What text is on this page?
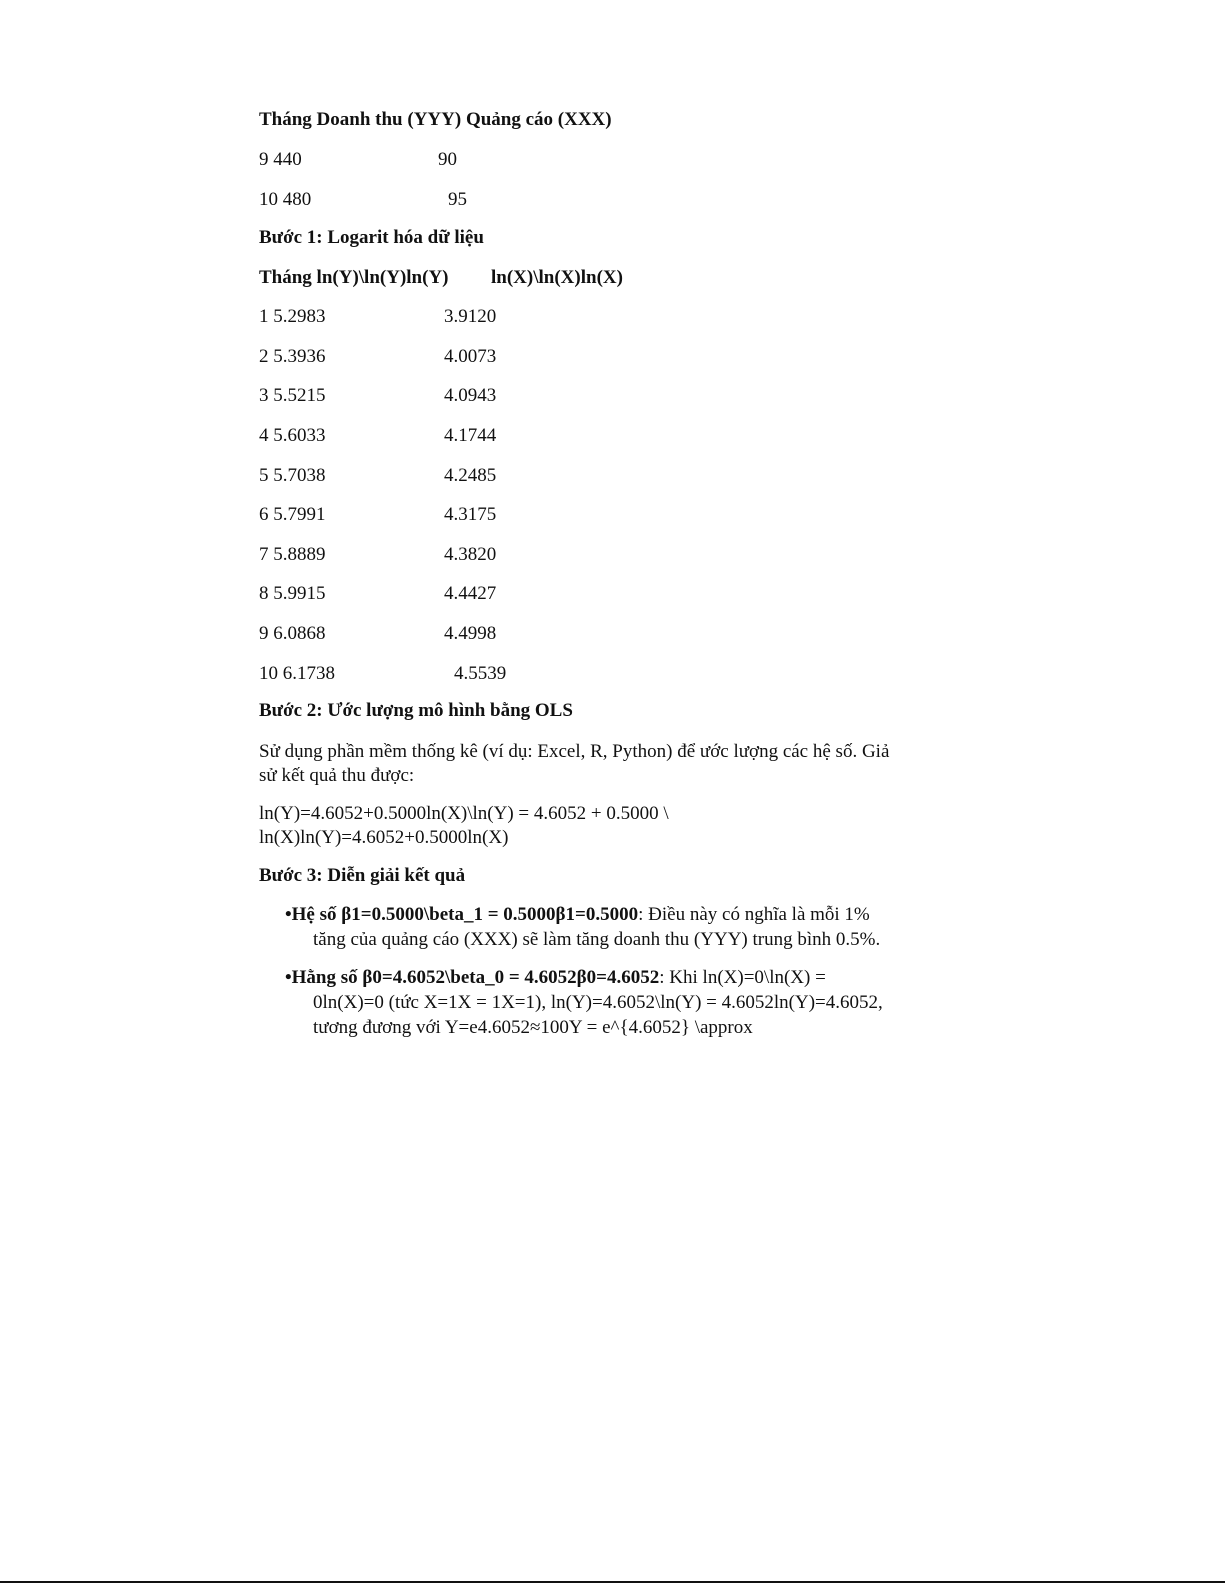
Tháng Doanh thu (YYY) Quảng cáo (XXX)
9 440	90
10 480	95
Bước 1: Logarit hóa dữ liệu
Tháng ln(Y)\ln(Y)ln(Y) ln(X)\ln(X)ln(X)
1 5.2983	3.9120
2 5.3936	4.0073
3 5.5215	4.0943
4 5.6033	4.1744
5 5.7038	4.2485
6 5.7991	4.3175
7 5.8889	4.3820
8 5.9915	4.4427
9 6.0868	4.4998
10 6.1738	4.5539
Bước 2: Ước lượng mô hình bằng OLS
Sử dụng phần mềm thống kê (ví dụ: Excel, R, Python) để ước lượng các hệ số. Giả
sử kết quả thu được:
ln(Y)=4.6052+0.5000ln(X)\ln(Y) = 4.6052 + 0.5000 \
ln(X)ln(Y)=4.6052+0.5000ln(X)
Bước 3: Diễn giải kết quả
•Hệ số β1=0.5000\beta_1 = 0.5000β1=0.5000: Điều này có nghĩa là mỗi 1%
tăng của quảng cáo (XXX) sẽ làm tăng doanh thu (YYY) trung bình 0.5%.
•Hằng số β0=4.6052\beta_0 = 4.6052β0=4.6052: Khi ln(X)=0\ln(X) =
0ln(X)=0 (tức X=1X = 1X=1), ln(Y)=4.6052\ln(Y) = 4.6052ln(Y)=4.6052,
tương đương với Y=e4.6052≈100Y = e^{4.6052} \approx
